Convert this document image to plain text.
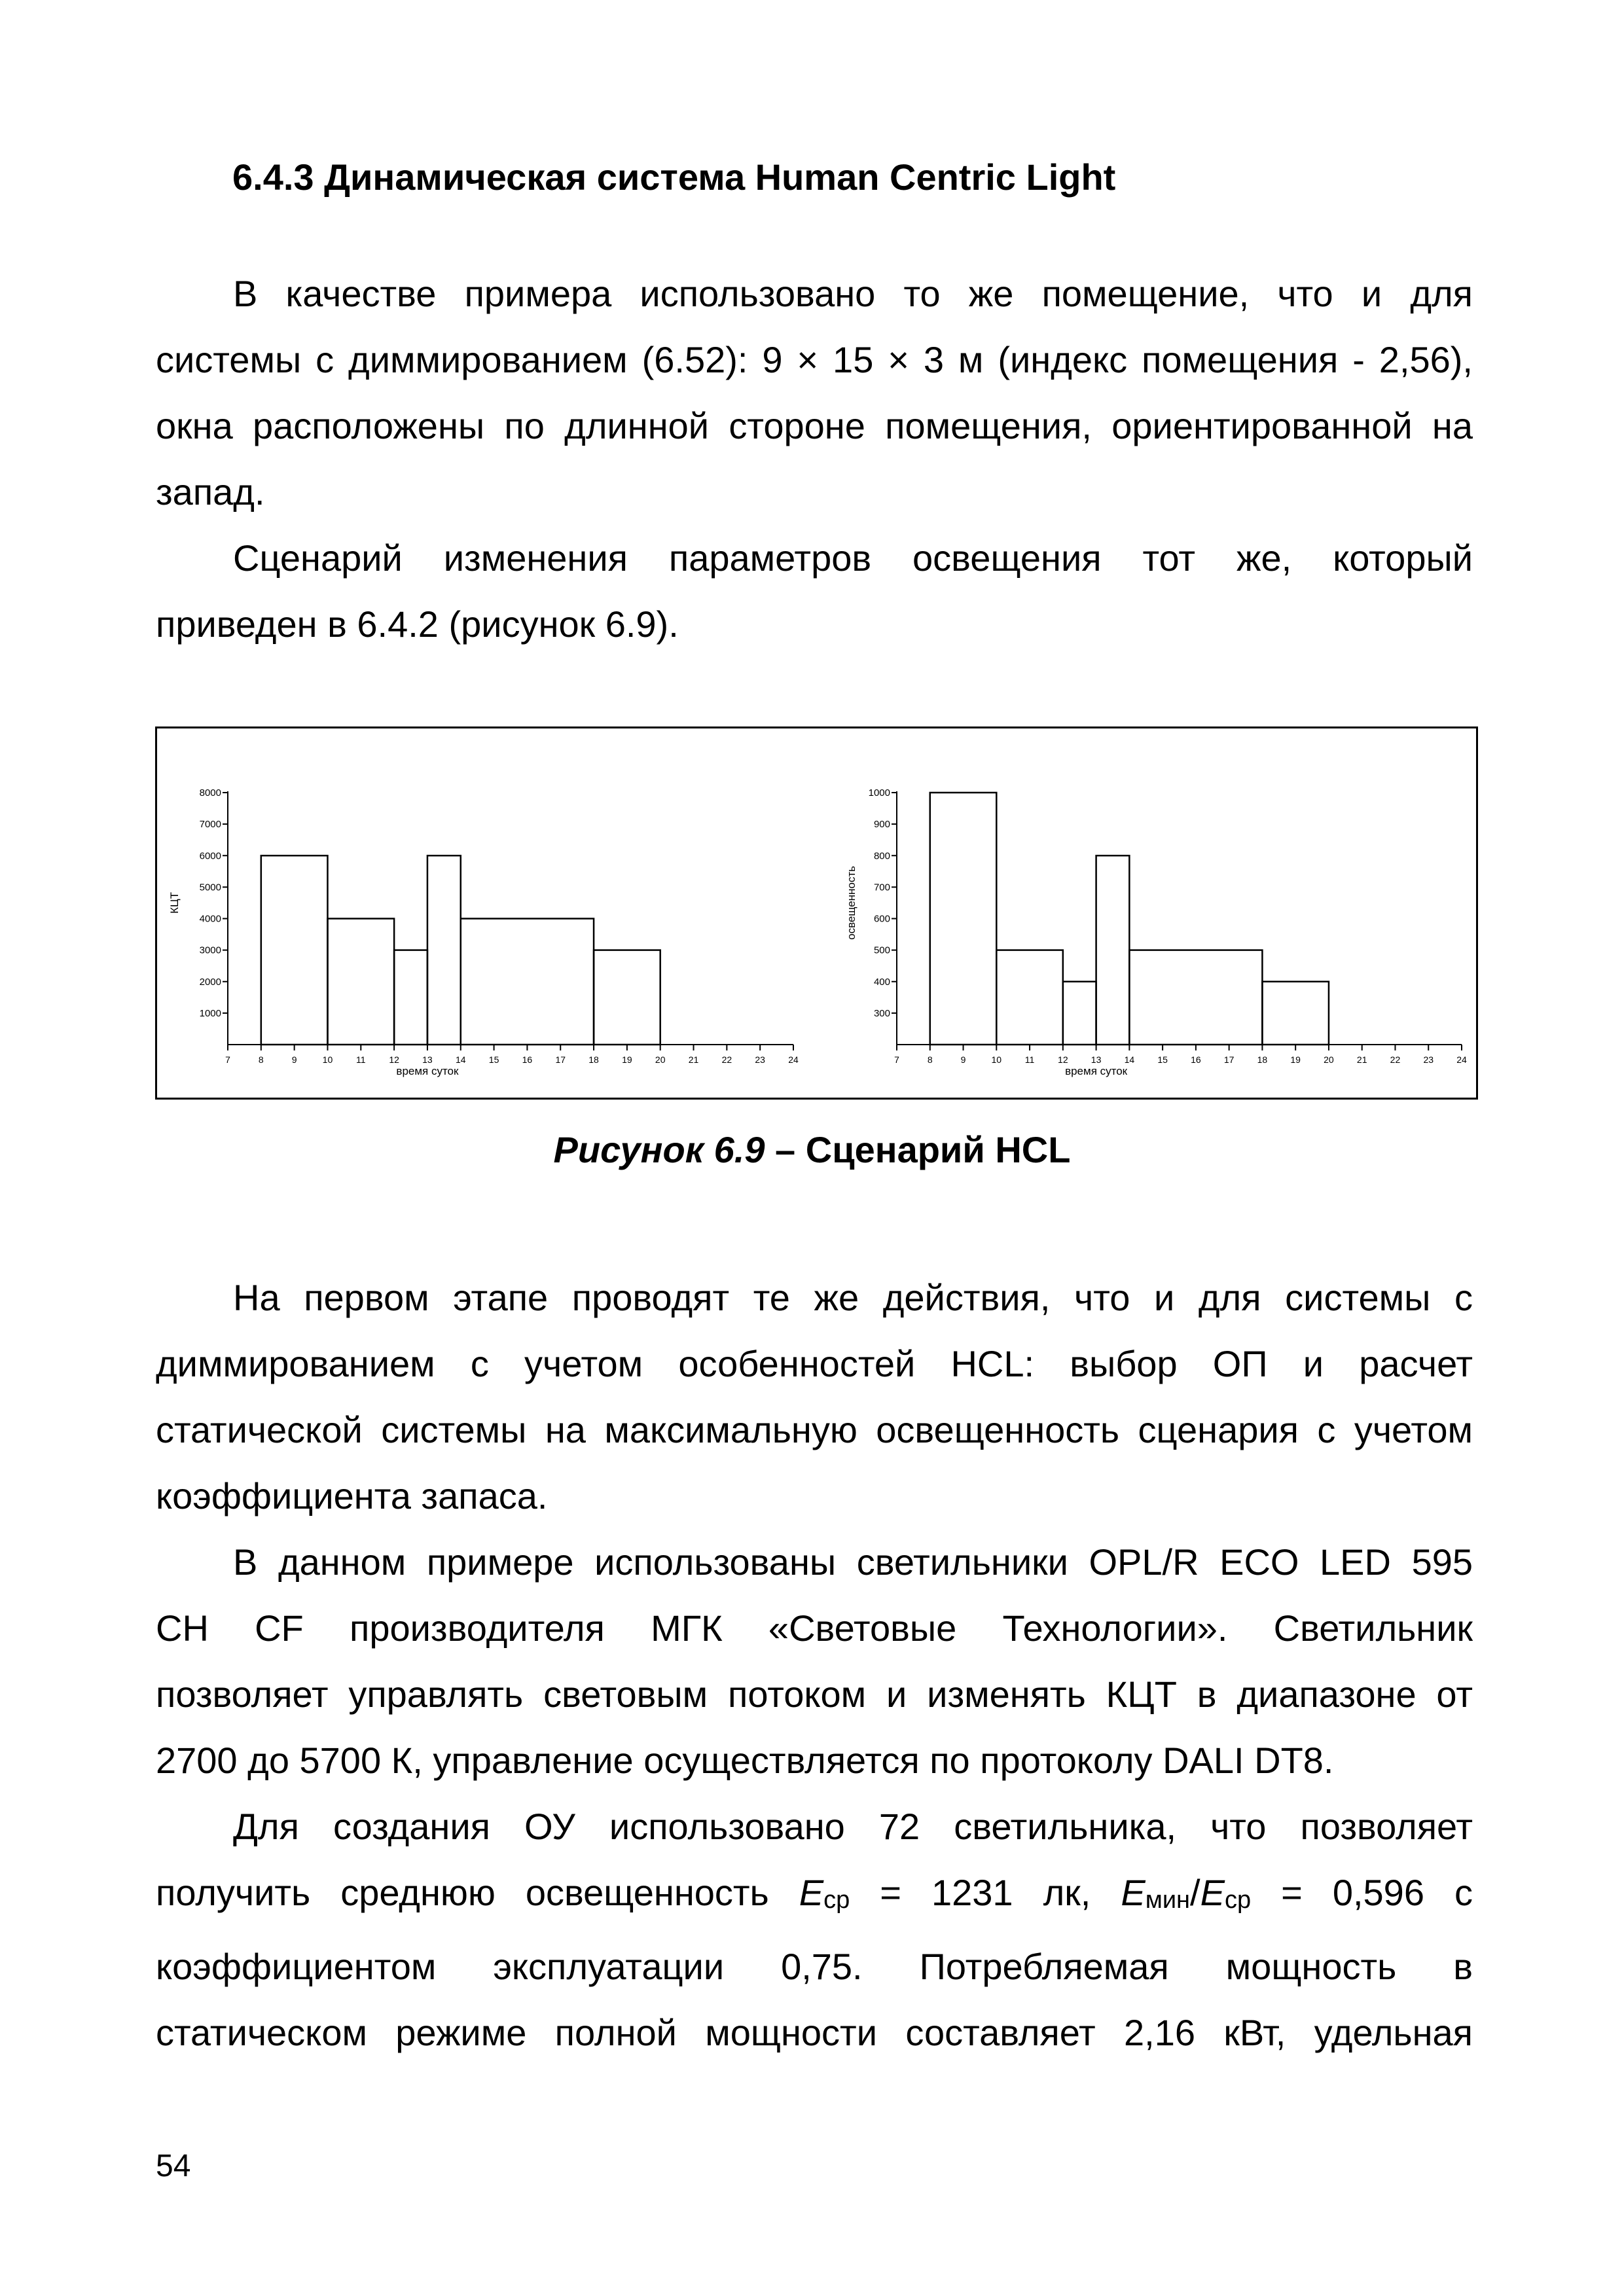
6.4.3 Динамическая система Human Centric Light
В качестве примера использовано то же помещение, что и для
системы с диммированием (6.52): 9 × 15 × 3 м (индекс помещения - 2,56),
окна расположены по длинной стороне помещения, ориентированной на
запад.
Сценарий изменения параметров освещения тот же, который
приведен в 6.4.2 (рисунок 6.9).
1000
2000
3000
4000
5000
6000
7000
8000
7	8	9	10	11	12	13	14	15	16	17	18	19	20	21	22	23	24
время суток
КЦТ
300
400
500
600
700
800
900
1000
7	8	9	10	11	12	13	14	15	16	17	18	19	20	21	22	23	24
время суток
освещенность
Рисунок 6.9 – Сценарий HCL
На первом этапе проводят те же действия, что и для системы с
диммированием с учетом особенностей HCL: выбор ОП и расчет
статической системы на максимальную освещенность сценария с учетом
коэффициента запаса.
В данном примере использованы светильники OPL/R ECO LED 595
CH CF производителя МГК «Световые Технологии». Светильник
позволяет управлять световым потоком и изменять КЦТ в диапазоне от
2700 до 5700 К, управление осуществляется по протоколу DALI DT8.
Для создания ОУ использовано 72 светильника, что позволяет
получить среднюю освещенность $E_{ср} = 1231$ лк, $E_{мин}/E_{ср} = 0,596$ с
коэффициентом эксплуатации 0,75. Потребляемая мощность в
статическом режиме полной мощности составляет 2,16 кВт, удельная
54
